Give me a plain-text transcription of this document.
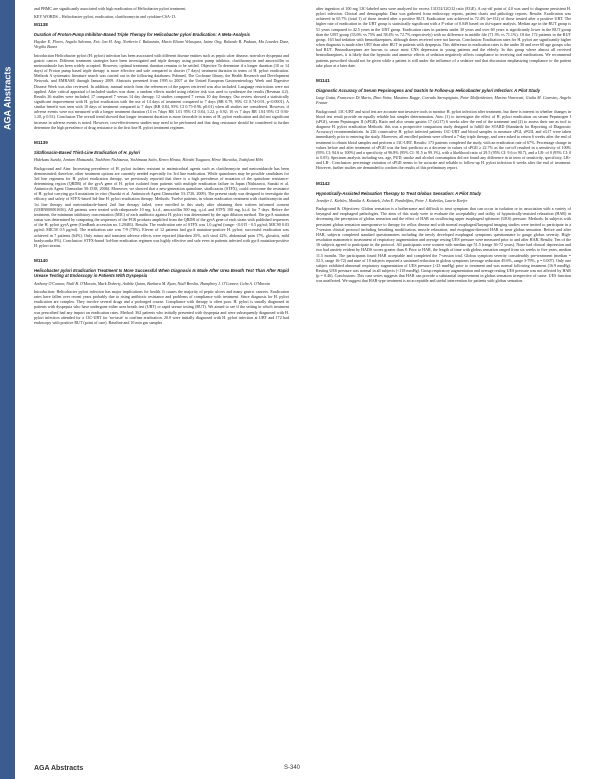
AGA Abstracts

and PBMC are significantly associated with high eradication of Helicobacter pylori treatment.

KEY WORDS – Helicobacter pylori, eradication, clarithromycin and cytokine-CSA-13

M1138
Duration of Proton-Pump Inhibitor-Based Triple Therapy for Helicobacter pylori Eradication: A Meta-Analysis
Haydee E. Flores, Angela Salvana, Eric Jan H. Ang, Norberto I. Balanzain, Mario Eliano Velasquez, Jaime Ong, Rolando B. Paduan, Ma Lourdes Daez, Virgilio Banez

Introduction Helicobacter pylori (H. pylori) infection has been associated with different disease entities such as peptic ulcer disease, non-ulcer dyspepsia and gastric cancer. Different treatment strategies have been investigated and triple therapy using proton pump inhibitor, clarithromycin and amoxicillin or metronidazole has been widely accepted. However, optimal treatment duration remains to be settled. Objective To determine if a longer duration (10 or 14 days) of Proton pump based triple therapy is more effective and safe compared to shorter (7 days) treatment duration in terms of H. pylori eradication. Methods A systematic literature search was carried out in the following databases: Pubmed, The Cochrane library, the Health Research and Development Network, and EMBASE through January 2009. Abstracts presented from 1995 to 2007 at the United European Gastroenterology Week and Digestive Disease Week was also reviewed. In addition, manual search from the references of the papers retrieved was also included. Language restrictions were not applied. After critical appraisal of included studies was done, a random effects model using relative risk was used to synthesize the results (Revman 4.2). Results 26 studies were included, 17 compared 7 versus 14 day therapy, 12 studies compared 7 versus 10 day therapy. Our review showed a statistically significant improvement with H. pylori eradication with the use of 14 days of treatment compared to 7 days (RR 0.79, 95% CI 0.74-0.91, p<0.0001). A similar benefit was seen with 10 days of treatment compared to 7 days (RR 0.84, 95% CI 0.75-0.96, p0.01) when all studies are considered. However, if adverse events were not measured with a longer treatment duration (14 vs 7days RR 1.01 95% CI 0.84, 1.22, p 0.92; 10 vs 7 days RR 1.04 95% CI 0.94-1.20, p 0.53). Conclusion The overall trend showed that longer treatment duration is more favorable in terms of H. pylori eradication and did not significant increase in adverse events is noted. However, cost-effectiveness studies may need to be performed and that drug resistance should be considered to further determine the high prevalence of drug resistance to the first line H. pylori treatment regimen.

M1139
Sitafloxacin-Based Third-Line Eradication of H. pylori
Hidekazu Suzuki, Juntaro Matsuzaki, Toshihiro Nishizawa, Yoshimasa Saito, Kenro Hirata, Hitoshi Tsugawa, Hiroe Muraoka, Toshifumi Hibi

Background and Aim: Increasing prevalence of H. pylori isolates resistant to antimicrobial agents such as clarithromycin and metronidazole has been demonstrated; therefore, other treatment options are currently needed especially for 3rd line eradication. While quinolones may be possible candidates for 3rd line regimens for H. pylori eradication therapy, we previously reported that there is a high prevalence of mutation of the quinolone resistance-determining region (QRDR) of the gyrA gene of H. pylori isolated from patients with multiple eradication failure in Japan (Nishizawa, Suzuki et al. Antimicrob Agent Chemother 50:1538, 2006). Moreover, we showed that a new-generation quinolone, sitafloxacin (STFX), could overcome the resistance of H. pylori carrying gyrA mutations in vitro (Suzuki et al. Antimicrob Agent Chemother 53:1720, 2009). The present study was designed to investigate the efficacy and safety of STFX-based 3rd-line H. pylori eradication therapy. Methods: Twelve patients, in whom eradication treatment with clarithromycin and 1st line therapy and metronidazole-based 2nd line therapy failed, were enrolled in this study after obtaining their written informed consent (UMIN000001656). All patients were treated with rabeprazole 10 mg, b.i.d., amoxicillin 500 mg, q.i.d. and STFX 100 mg, b.i.d. for 7 days. Before the treatment, the minimum inhibitory concentration (MIC) of each antibiotic against H. pylori was determined by the agar dilution method. The gyrA mutation status was determined by comparing the sequences of the PCR products amplified from the QRDR of the gyrA gene of each strain with published sequences of the H. pylori gyrA gene (GenBank accession no. L29481). Results: The eradication rate of STFX was 1.0 μg/ml (range: <0.015 - 0.5 μg/ml; MIC90 0.03 μg/ml; MIC50 0.5 μg/ml). The eradication rate was 7/9 (78%). Eleven of 12 patients had gyrA mutation-positive H. pylori; successful eradication was achieved in 7 patients (64%). Only minor and transient adverse effects were reported (diarrhea 25%, soft stool 42%, abdominal pain 17%, glossitis, mild bradycardia 8%). Conclusion: STFX-based 3rd-line eradication regimen was highly effective and safe even in patients infected with gyrA mutation-positive H. pylori strains.

M1140
Helicobacter pylori Eradication Treatment Is More Successful When Diagnosis Is Made After Urea Breath Test Than After Rapid Urease Testing at Endoscopy in Patients With Dyspepsia
Anthony O'Connor, Niall B. O'Morain, Mark Doherty, Aoibhe Quinn, Barbara M. Ryan, Niall Breslin, Humphrey J. O'Connor, Colm A. O'Morain

Introduction: Helicobacter pylori infection has major implications for health. It causes the majority of peptic ulcers and many gastric cancers. Eradication rates have fallen over recent years probably due to rising antibiotic resistance and problems of compliance with treatment. Since diagnosis for H. pylori eradication are complex. They involve several drugs and a prolonged course. Compliance with therapy is often poor. H. pylori is usually diagnosed in patients with dyspepsia who have undergone either urea breath test (UBT) or rapid urease testing (RUT). We aimed to see if the setting in which treatment was prescribed had any impact on eradication rates. Method: 362 patients who initially presented with dyspepsia and were subsequently diagnosed with H. pylori infection attended for a 13C-UBT for 'no-taste' to confirm eradication. 20.0 were initially diagnosed with H. pylori infection at UBT and 172 had endoscopy with positive RUT (point of care). Baseline and 10 min gas samples

after ingestion of 100 mg 13C-labeled urea were analyzed for excess 13CO2/12CO2 ratio (EGE). A cut-off point of 4.0 was used to diagnose persistent H. pylori infection. Clinical and demographic Data was gathered from endoscopy reports, patient charts and pathology reports. Results: Eradication was achieved in 65.7% (total 1) of those treated after a positive RUT. Eradication was achieved in 72.4% (n=152) of those treated after a positive UBT. The higher rate of eradication in the UBT group is statistically significant with a P value of 0.049 based on chi-square analysis. Median age in the RUT group is 51 years compared to 42.5 years in the UBT group. Eradication rates in patients under 30 years and over 60 years is significantly lower in the RUT group than the UBT group (53.6% vs 75% and 58.4% vs 72.7% respectively) with no difference in middle life (71.3% vs 71.1%). Of the 172 patients in the RUT group, 163 had sedation with benzodiazepines, although doses received were not known. Conclusion: Eradication rates for H. pylori are significantly higher when diagnosis is made after UBT than after RUT in patients with dyspepsia. This difference in eradication rates is the under 30 and over 60 age groups who had RUT. Benzodiazepines are known to cause most CNS depression in young patients and the elderly. In this group where almost all received benzodiazepines, it is likely that the hypnotic and amnesic effects of sedation negatively affects compliance in receiving oral medications. We recommend patients prescribed should not be given while a patient is still under the influence of a sedative and that discussion emphasizing compliance to the patient take place at a later date.

M1141
Diagnostic Accuracy of Serum Pepsinogens and Gastrin to Follow-up Helicobacter pylori Infection: A Pilot Study
Luigi Gatta, Francesco Di Mario, Dino Vaira, Massimo Rugge, Corrado Sarrapigiato, Peter Malfertheiner, Marino Vimercati, Giulia M. Cavestro, Angelo Franze

Background: 13C-UBT and stool test are accurate non invasive tools to monitor H. pylori infection after treatment, but there is interest in whether changes in blood test result provide an equally reliable but simpler determination. Aim: (1) to investigate the effect of H. pylori eradication on serum Pepsinogen I (sPGI), serum Pepsinogen II (sPGII), Ratio and also serum gastrin 17 (sG17) 6 weeks after the end of the treatment and (2) to assess their use as tool to diagnose H. pylori eradication Methods: this was a prospective comparison study designed to fulfill the STARD (Standards for Reporting of Diagnostic Accuracy) recommendations. In 226 consecutive H. pylori infected patients 13C-UBT and blood samples to measure sPGI, sPGII, and sG17 were taken immediately prior to entering the study. Moreover, all enrolled patients were offered a 7-day triple therapy, and were asked to return 6 weeks after the end of treatment to obtain blood samples and perform a 13C-UBT. Results: 173 patients completed the study, with an eradication rate of 67%. Percentage change in values before and after treatment of sPGII was the best predictor as a decrease in values of sPGII ≥ 22.7% as the cut-off resulted in a sensitivity of 100% (95% CI: 94.6 to 100%) and a specificity of 96.8% (95% CI: 91.5 to 99.1%), with a likelihood ratio of 29.5 (95% CI: 9.6 to 90.7), and a LR- of 0 (95% CI: 0 to 0.05). Spectrum analysis including sex, age, PUD, smoke and alcohol consumption did not found any difference in in term of sensitivity, specificity, LR+ and LR-. Conclusion: percentage variation of sPGII seems to be accurate and reliable to follow-up H. pylori infection 6 weeks after the end of treatment. However, further studies are demanded to confirm the results of this preliminary report.

M1142
Hypnotically-Assisted Relaxation Therapy to Treat Globus Sensation: A Pilot Study
Jennifer L. Kiebles, Monika A. Kwiatek, John E. Pandolfino, Peter J. Kahrilas, Laurie Keefer

Background & Objectives: Globus sensation is a bothersome and difficult to treat symptom that can occur in isolation or in association with a variety of laryngeal and esophageal pathologies. The aims of this study were to evaluate the acceptability and utility of hypnotically-assisted relaxation (HAR) in decreasing the perception of globus sensation and the effect of HAR on swallowing upper esophageal sphincter (UES) pressure. Methods: In subjects with persistent globus sensation unresponsive to therapy for reflux disease and with normal esophageal/laryngeal imaging studies were invited to participate in a 7-session clinical protocol including breathing modification, muscle relaxation, and esophagus-directed HAR to treat globus sensation. Before and after HAR, subjects completed standard questionnaires including the newly developed esophageal symptoms questionnaire to gauge globus severity. High-resolution manometric assessment of respiratory augmentation and average resting UES pressure were measured prior to and after HAR. Results: Ten of the 16 subjects agreed to participate in the protocol. All participants were women with median age 51.5 (range 36-72 years). None had clinical depression and two had anxiety evident by HADS scores greater than 8. Prior to HAR, the length of time with globus sensation ranged from six weeks to five years, median 11.5 months. The participants found HAR acceptable and completed the 7-session trial. Globus symptom severity considerably pre-treatment (median = 52.5, range 16-72) and nine of 10 subjects reported a sustained reduction in globus symptoms (average reduction 49.6%, range 3-79%, p = 0.007). Only one subject exhibited abnormal respiratory augmentation of UES pressure (>23 mmHg) prior to treatment and was normal following treatment (16.9 mmHg). Resting UES pressure was normal in all subjects (<118 mmHg). Group respiratory augmentation and average resting UES pressure was not affected by HAR (p = 0.46). Conclusions: This case series suggests that HAR can provide a substantial improvement in globus sensation irrespective of cause. UES function was unaffected. We suggest that HAR-type treatment is an acceptable and useful intervention for patients with globus sensation.

AGA Abstracts	S-340
